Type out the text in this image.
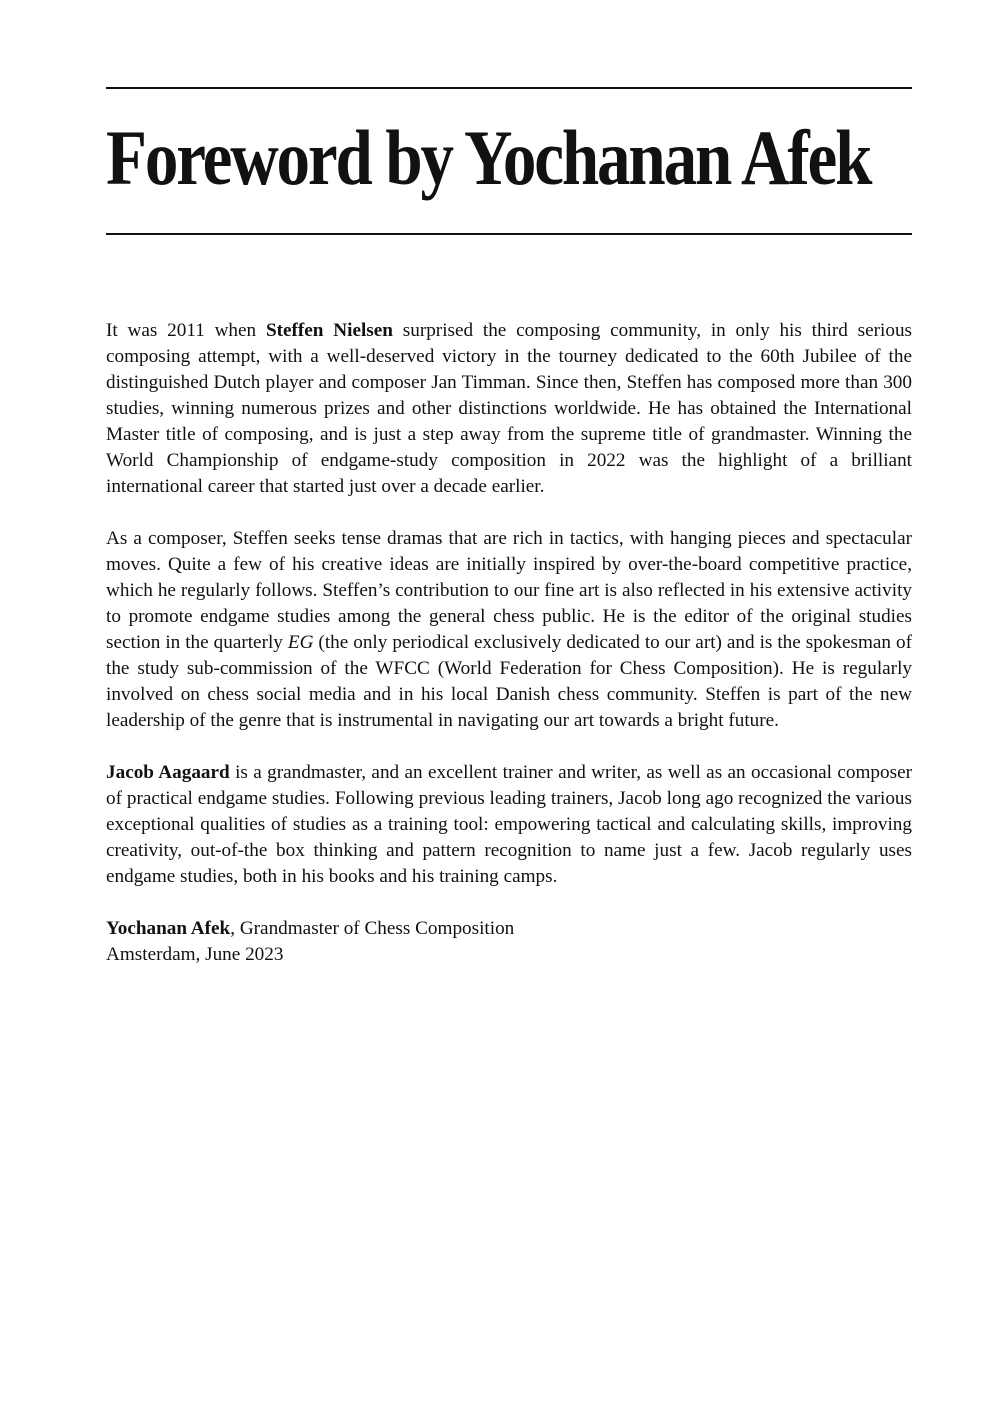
Foreword by Yochanan Afek

It was 2011 when Steffen Nielsen surprised the composing community, in only his third serious composing attempt, with a well-deserved victory in the tourney dedicated to the 60th Jubilee of the distinguished Dutch player and composer Jan Timman. Since then, Steffen has composed more than 300 studies, winning numerous prizes and other distinctions worldwide. He has obtained the International Master title of composing, and is just a step away from the supreme title of grandmaster. Winning the World Championship of endgame-study composition in 2022 was the highlight of a brilliant international career that started just over a decade earlier.

As a composer, Steffen seeks tense dramas that are rich in tactics, with hanging pieces and spectacular moves. Quite a few of his creative ideas are initially inspired by over-the-board competitive practice, which he regularly follows. Steffen’s contribution to our fine art is also reflected in his extensive activity to promote endgame studies among the general chess public. He is the editor of the original studies section in the quarterly EG (the only periodical exclusively dedicated to our art) and is the spokesman of the study sub-commission of the WFCC (World Federation for Chess Composition). He is regularly involved on chess social media and in his local Danish chess community. Steffen is part of the new leadership of the genre that is instrumental in navigating our art towards a bright future.

Jacob Aagaard is a grandmaster, and an excellent trainer and writer, as well as an occasional composer of practical endgame studies. Following previous leading trainers, Jacob long ago recognized the various exceptional qualities of studies as a training tool: empowering tactical and calculating skills, improving creativity, out-of-the box thinking and pattern recognition to name just a few. Jacob regularly uses endgame studies, both in his books and his training camps.

Yochanan Afek, Grandmaster of Chess Composition
Amsterdam, June 2023
